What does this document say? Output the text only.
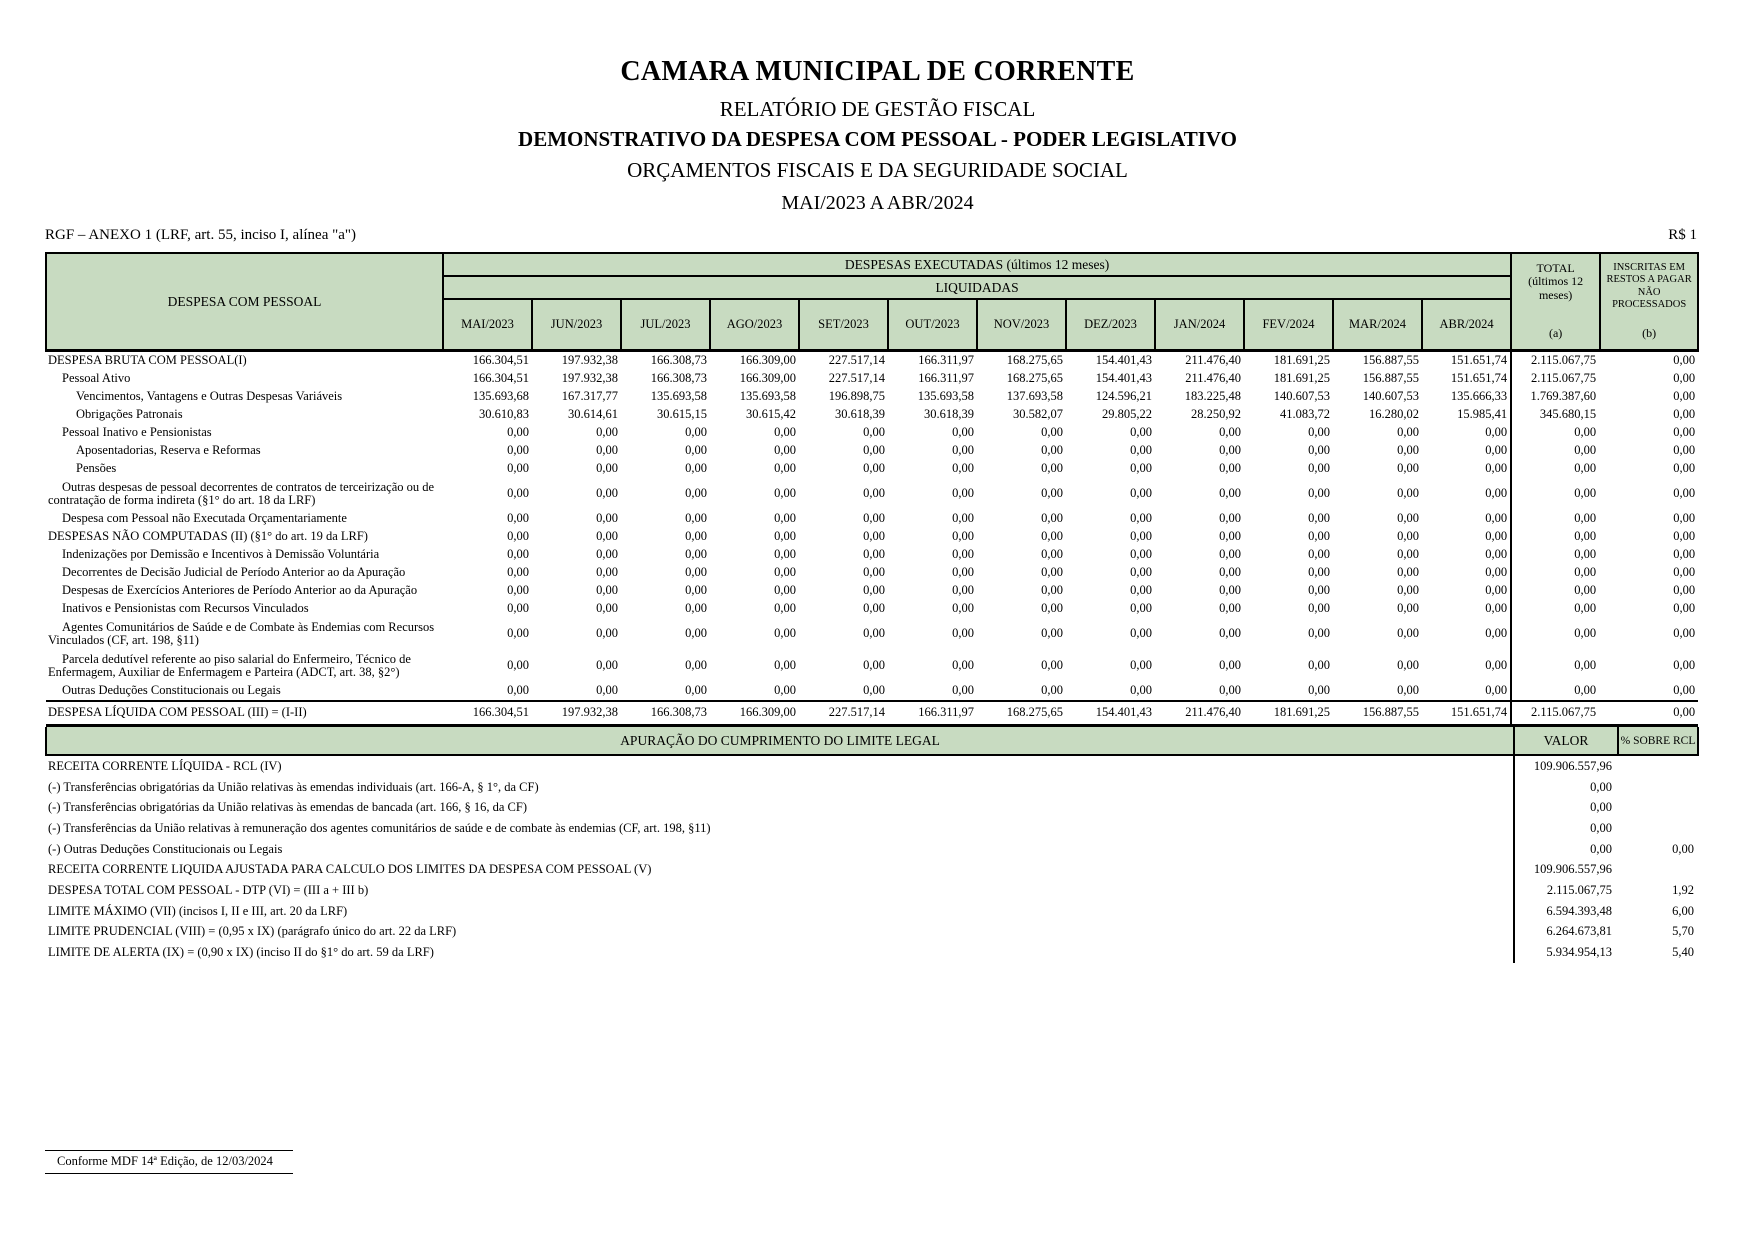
CAMARA MUNICIPAL DE CORRENTE
RELATÓRIO DE GESTÃO FISCAL
DEMONSTRATIVO DA DESPESA COM PESSOAL - PODER LEGISLATIVO
ORÇAMENTOS FISCAIS E DA SEGURIDADE SOCIAL
MAI/2023 A ABR/2024
RGF – ANEXO 1 (LRF, art. 55, inciso I, alínea "a")	R$ 1
DESPESA COM PESSOAL	DESPESAS EXECUTADAS (últimos 12 meses)	TOTAL
(últimos 12 meses)
(a)

INSCRITAS EM RESTOS A PAGAR NÃO PROCESSADOS
(b)

	LIQUIDADAS													
	MAI/2023	JUN/2023	JUL/2023	AGO/2023	SET/2023	OUT/2023	NOV/2023	DEZ/2023	JAN/2024	FEV/2024	MAR/2024	ABR/2024		
DESPESA BRUTA COM PESSOAL(I)	166.304,51	197.932,38	166.308,73	166.309,00	227.517,14	166.311,97	168.275,65	154.401,43	211.476,40	181.691,25	156.887,55	151.651,74	2.115.067,75	0,00
Pessoal Ativo	166.304,51	197.932,38	166.308,73	166.309,00	227.517,14	166.311,97	168.275,65	154.401,43	211.476,40	181.691,25	156.887,55	151.651,74	2.115.067,75	0,00
Vencimentos, Vantagens e Outras Despesas Variáveis	135.693,68	167.317,77	135.693,58	135.693,58	196.898,75	135.693,58	137.693,58	124.596,21	183.225,48	140.607,53	140.607,53	135.666,33	1.769.387,60	0,00
Obrigações Patronais	30.610,83	30.614,61	30.615,15	30.615,42	30.618,39	30.618,39	30.582,07	29.805,22	28.250,92	41.083,72	16.280,02	15.985,41	345.680,15	0,00
Pessoal Inativo e Pensionistas	0,00	0,00	0,00	0,00	0,00	0,00	0,00	0,00	0,00	0,00	0,00	0,00	0,00	0,00
Aposentadorias, Reserva e Reformas	0,00	0,00	0,00	0,00	0,00	0,00	0,00	0,00	0,00	0,00	0,00	0,00	0,00	0,00
Pensões	0,00	0,00	0,00	0,00	0,00	0,00	0,00	0,00	0,00	0,00	0,00	0,00	0,00	0,00
Outras despesas de pessoal decorrentes de contratos de terceirização ou de contratação de forma indireta (§1° do art. 18 da LRF)	0,00	0,00	0,00	0,00	0,00	0,00	0,00	0,00	0,00	0,00	0,00	0,00	0,00	0,00
Despesa com Pessoal não Executada Orçamentariamente	0,00	0,00	0,00	0,00	0,00	0,00	0,00	0,00	0,00	0,00	0,00	0,00	0,00	0,00
DESPESAS NÃO COMPUTADAS (II) (§1° do art. 19 da LRF)	0,00	0,00	0,00	0,00	0,00	0,00	0,00	0,00	0,00	0,00	0,00	0,00	0,00	0,00
Indenizações por Demissão e Incentivos à Demissão Voluntária	0,00	0,00	0,00	0,00	0,00	0,00	0,00	0,00	0,00	0,00	0,00	0,00	0,00	0,00
Decorrentes de Decisão Judicial de Período Anterior ao da Apuração	0,00	0,00	0,00	0,00	0,00	0,00	0,00	0,00	0,00	0,00	0,00	0,00	0,00	0,00
Despesas de Exercícios Anteriores de Período Anterior ao da Apuração	0,00	0,00	0,00	0,00	0,00	0,00	0,00	0,00	0,00	0,00	0,00	0,00	0,00	0,00
Inativos e Pensionistas com Recursos Vinculados	0,00	0,00	0,00	0,00	0,00	0,00	0,00	0,00	0,00	0,00	0,00	0,00	0,00	0,00
Agentes Comunitários de Saúde e de Combate às Endemias com Recursos Vinculados (CF, art. 198, §11)	0,00	0,00	0,00	0,00	0,00	0,00	0,00	0,00	0,00	0,00	0,00	0,00	0,00	0,00
Parcela dedutível referente ao piso salarial do Enfermeiro, Técnico de Enfermagem, Auxiliar de Enfermagem e Parteira (ADCT, art. 38, §2°)	0,00	0,00	0,00	0,00	0,00	0,00	0,00	0,00	0,00	0,00	0,00	0,00	0,00	0,00
Outras Deduções Constitucionais ou Legais	0,00	0,00	0,00	0,00	0,00	0,00	0,00	0,00	0,00	0,00	0,00	0,00	0,00	0,00
DESPESA LÍQUIDA COM PESSOAL (III) = (I-II)	166.304,51	197.932,38	166.308,73	166.309,00	227.517,14	166.311,97	168.275,65	154.401,43	211.476,40	181.691,25	156.887,55	151.651,74	2.115.067,75	0,00
APURAÇÃO DO CUMPRIMENTO DO LIMITE LEGAL	VALOR	% SOBRE RCL
RECEITA CORRENTE LÍQUIDA - RCL (IV)	109.906.557,96	
(-) Transferências obrigatórias da União relativas às emendas individuais (art. 166-A, § 1°, da CF)	0,00	
(-) Transferências obrigatórias da União relativas às emendas de bancada (art. 166, § 16, da CF)	0,00	
(-) Transferências da União relativas à remuneração dos agentes comunitários de saúde e de combate às endemias (CF, art. 198, §11)	0,00	
(-) Outras Deduções Constitucionais ou Legais	0,00	0,00
RECEITA CORRENTE LIQUIDA AJUSTADA PARA CALCULO DOS LIMITES DA DESPESA COM PESSOAL (V)	109.906.557,96	
DESPESA TOTAL COM PESSOAL - DTP (VI) = (III a + III b)	2.115.067,75	1,92
LIMITE MÁXIMO (VII) (incisos I, II e III, art. 20 da LRF)	6.594.393,48	6,00
LIMITE PRUDENCIAL (VIII) = (0,95 x IX) (parágrafo único do art. 22 da LRF)	6.264.673,81	5,70
LIMITE DE ALERTA (IX) = (0,90 x IX) (inciso II do §1° do art. 59 da LRF)	5.934.954,13	5,40
Conforme MDF 14ª Edição, de 12/03/2024
